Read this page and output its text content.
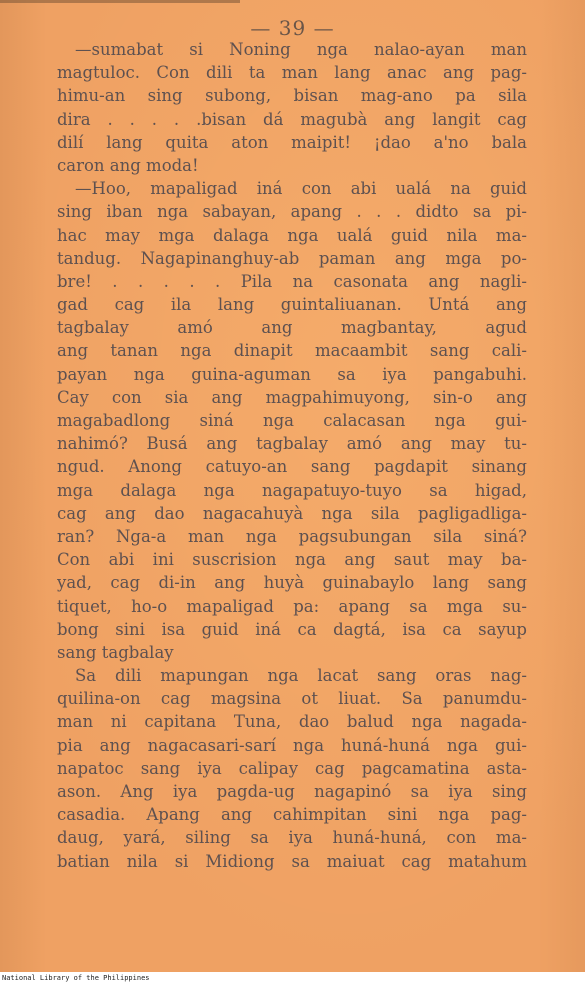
— 39 —
—sumabat si Noning nga nalao-ayan man
magtuloc. Con dili ta man lang anac ang pag-
himu-an sing subong, bisan mag-ano pa sila
dira . . . . .bisan dá magubà ang langit cag
dilí lang quita aton maipit! ¡dao a'no bala
caron ang moda!
—Hoo, mapaligad iná con abi ualá na guid
sing iban nga sabayan, apang . . . didto sa pi-
hac may mga dalaga nga ualá guid nila ma-
tandug. Nagapinanghuy-ab paman ang mga po-
bre! . . . . . Pila na casonata ang nagli-
gad cag ila lang guintaliuanan. Untá ang
tagbalay amó ang magbantay, agud
ang tanan nga dinapit macaambit sang cali-
payan nga guina-aguman sa iya pangabuhi.
Cay con sia ang magpahimuyong, sin-o ang
magabadlong siná nga calacasan nga gui-
nahimó? Busá ang tagbalay amó ang may tu-
ngud. Anong catuyo-an sang pagdapit sinang
mga dalaga nga nagapatuyo-tuyo sa higad,
cag ang dao nagacahuyà nga sila pagligadliga-
ran? Nga-a man nga pagsubungan sila siná?
Con abi ini suscrision nga ang saut may ba-
yad, cag di-in ang huyà guinabaylo lang sang
tiquet, ho-o mapaligad pa: apang sa mga su-
bong sini isa guid iná ca dagtá, isa ca sayup
sang tagbalay
Sa dili mapungan nga lacat sang oras nag-
quilina-on cag magsina ot liuat. Sa panumdu-
man ni capitana Tuna, dao balud nga nagada-
pia ang nagacasari-sarí nga huná-huná nga gui-
napatoc sang iya calipay cag pagcamatina asta-
ason. Ang iya pagda-ug nagapinó sa iya sing
casadia. Apang ang cahimpitan sini nga pag-
daug, yará, siling sa iya huná-huná, con ma-
batian nila si Midiong sa maiuat cag matahum
National Library of the Philippines
